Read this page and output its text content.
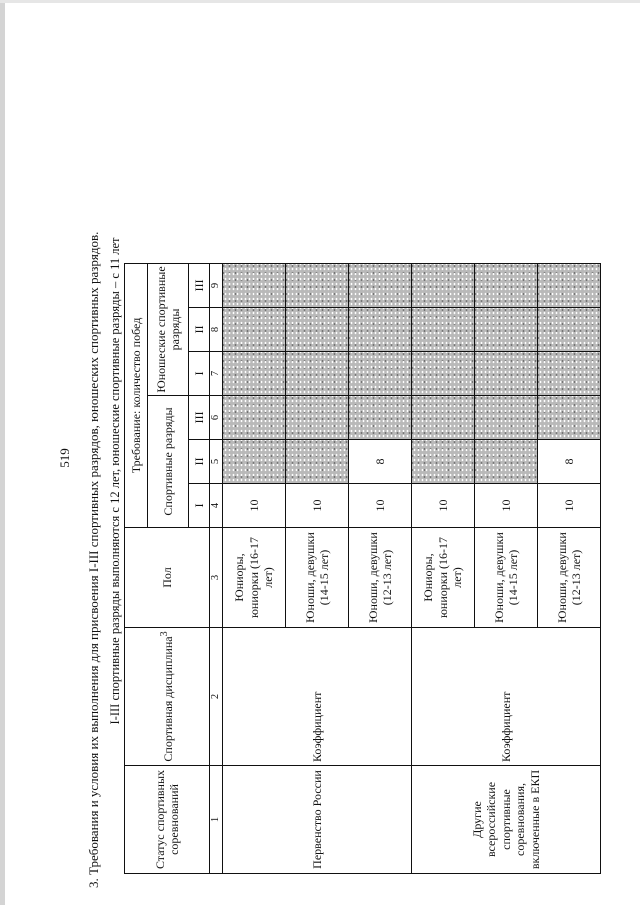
519	3. Требования и условия их выполнения для присвоения I-III спортивных разрядов, юношеских спортивных разрядов. I-III спортивные разряды выполняются с 12 лет, юношеские спортивные разряды – с 11 лет
Статус спортивных соревнований	Спортивная дисциплина$^3$	Пол	Требование: количество побед						
			Спортивные разряды			Юношеские спортивные разряды			
			I	II	III	I	II	III	
1	2	3	4	5	6	7	8	9	
Первенство России	Коэффициент	Юниоры, юниорки (16-17 лет)	10						
		Юноши, девушки (14-15 лет)	10						
		Юноши, девушки (12-13 лет)	10	8					
Другие всероссийские спортивные соревнования, включенные в ЕКП	Коэффициент	Юниоры, юниорки (16-17 лет)	10						
		Юноши, девушки (14-15 лет)	10						
		Юноши, девушки (12-13 лет)	10	8					
